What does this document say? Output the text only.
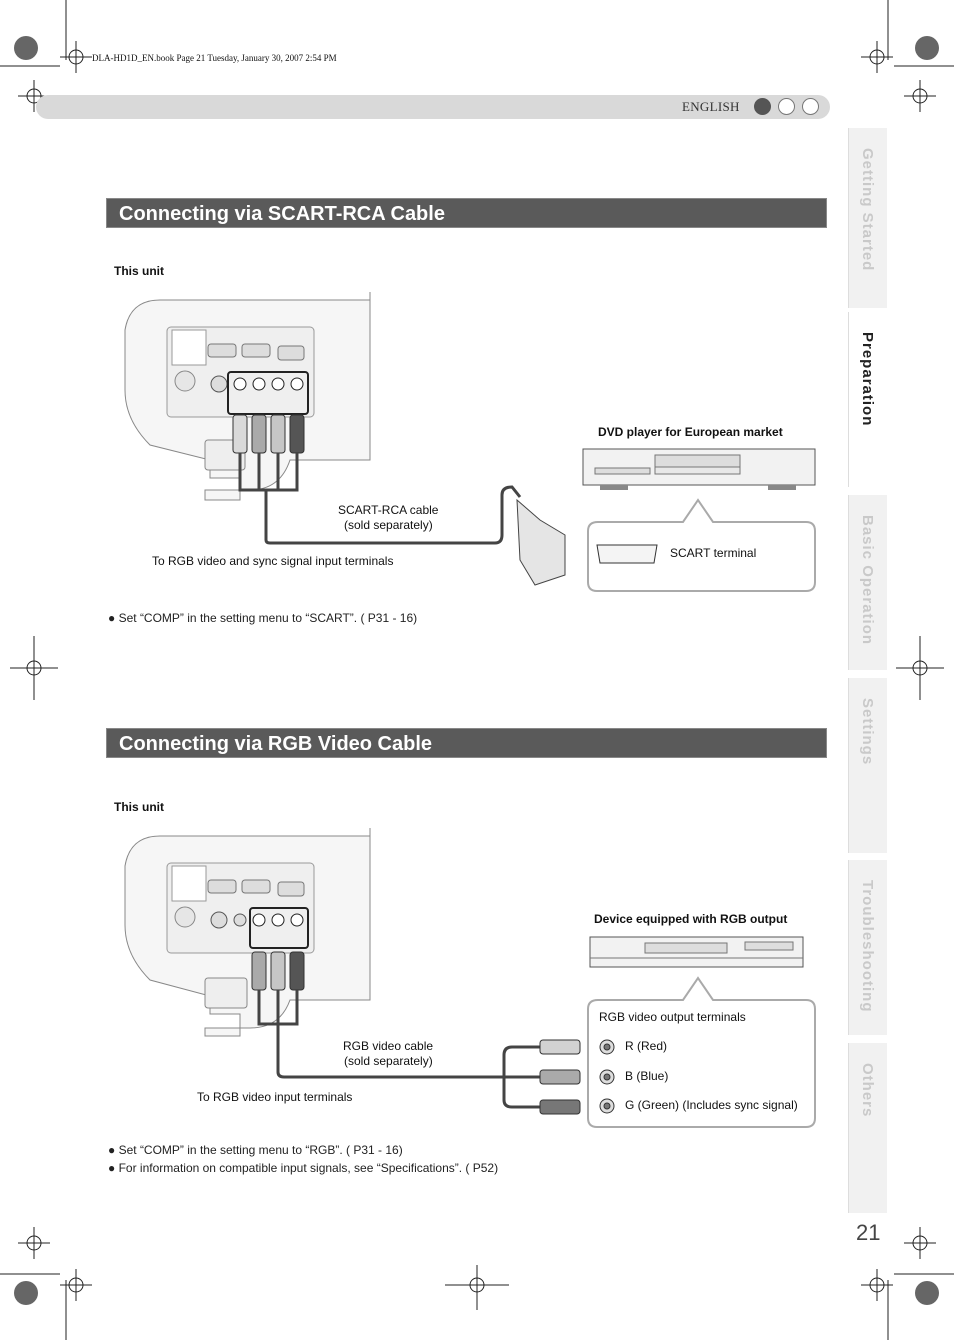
DLA-HD1D_EN.book Page 21 Tuesday, January 30, 2007 2:54 PM
ENGLISH
Getting Started
Preparation
Basic Operation
Settings
Troubleshooting
Others
21
Connecting via SCART-RCA Cable
This unit
DVD player for European market
SCART-RCA cable
(sold separately)
SCART terminal
To RGB video and sync signal input terminals
● Set “COMP” in the setting menu to “SCART”. ( P31 - 16)
Connecting via RGB Video Cable
This unit
Device equipped with RGB output
RGB video output terminals
R (Red)
B (Blue)
G (Green) (Includes sync signal)
RGB video cable
(sold separately)
To RGB video input terminals
● Set “COMP” in the setting menu to “RGB”. ( P31 - 16)
● For information on compatible input signals, see “Specifications”. ( P52)
